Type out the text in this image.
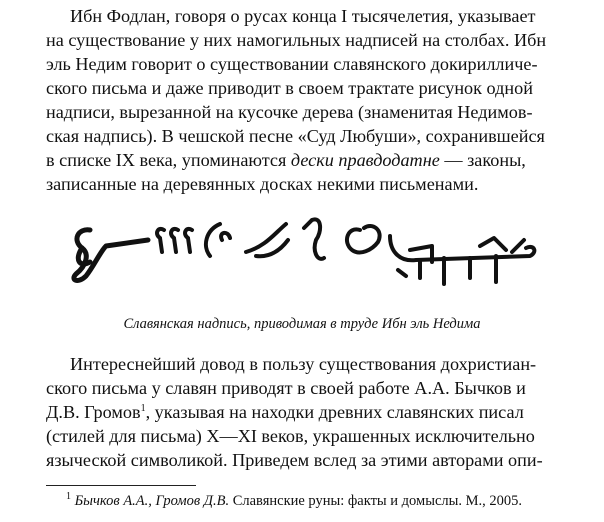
Ибн Фодлан, говоря о русах конца I тысячелетия, указывает
на существование у них намогильных надписей на столбах. Ибн
эль Недим говорит о существовании славянского докирилличе-
ского письма и даже приводит в своем трактате рисунок одной
надписи, вырезанной на кусочке дерева (знаменитая Недимов-
ская надпись). В чешской песне «Суд Любуши», сохранившейся
в списке IX века, упоминаются дески правдодатне — законы,
записанные на деревянных досках некими письменами.
Славянская надпись, приводимая в труде Ибн эль Недима
Интереснейший довод в пользу существования дохристиан-
ского письма у славян приводят в своей работе А.А. Бычков и
Д.В. Громов$^1$, указывая на находки древних славянских писал
(стилей для письма) X—XI веков, украшенных исключительно
языческой символикой. Приведем вслед за этими авторами опи-
$^1$ Бычков А.А., Громов Д.В. Славянские руны: факты и домыслы. М., 2005.
